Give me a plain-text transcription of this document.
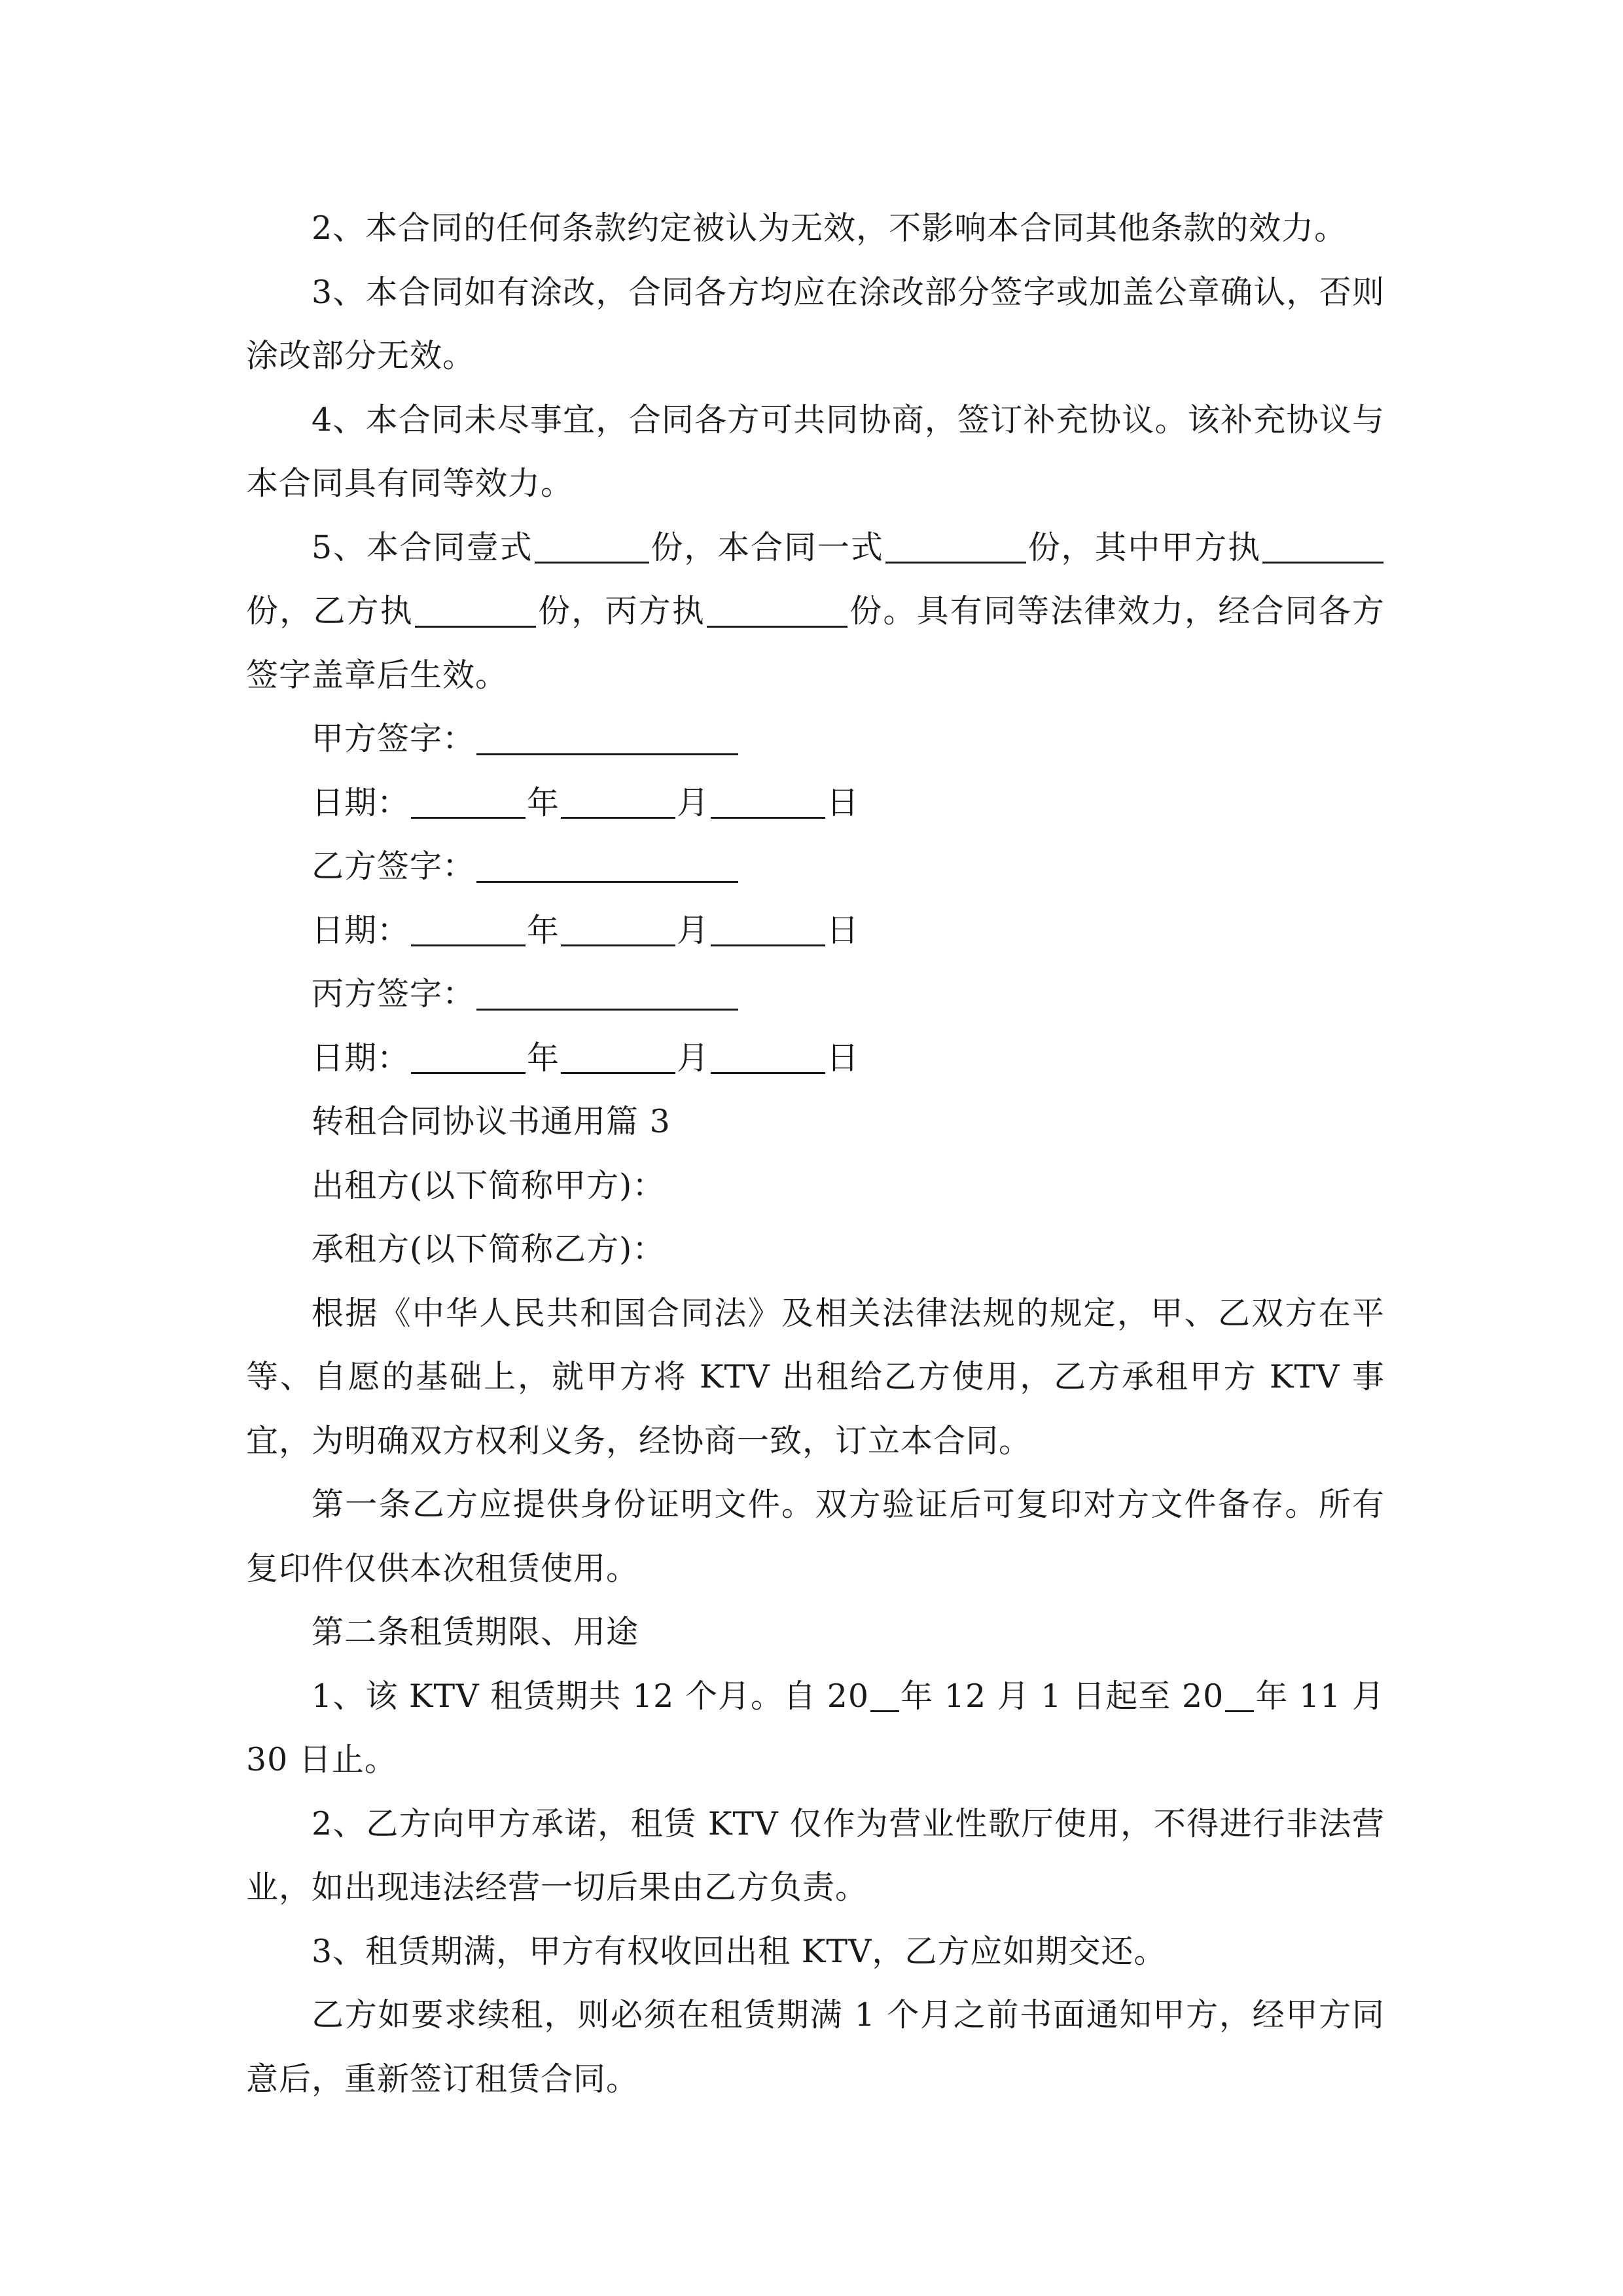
2、本合同的任何条款约定被认为无效，不影响本合同其他条款的效力。

3、本合同如有涂改，合同各方均应在涂改部分签字或加盖公章确认，否则涂改部分无效。

4、本合同未尽事宜，合同各方可共同协商，签订补充协议。该补充协议与本合同具有同等效力。

5、本合同壹式	份，本合同一式	份，其中甲方执份，乙方执	份，丙方执	份。具有同等法律效力，经合同各方签字盖章后生效。

甲方签字：

日期：	年	月	日

乙方签字：

日期：	年	月	日

丙方签字：

日期：	年	月	日

转租合同协议书通用篇 3

出租方(以下简称甲方)：

承租方(以下简称乙方)：

根据《中华人民共和国合同法》及相关法律法规的规定，甲、乙双方在平等、自愿的基础上，就甲方将 KTV 出租给乙方使用，乙方承租甲方 KTV 事宜，为明确双方权利义务，经协商一致，订立本合同。

第一条乙方应提供身份证明文件。双方验证后可复印对方文件备存。所有复印件仅供本次租赁使用。

第二条租赁期限、用途

1、该 KTV 租赁期共 12 个月。自 20 年 12 月 1 日起至 20 年 11 月 30 日止。

2、乙方向甲方承诺，租赁 KTV 仅作为营业性歌厅使用，不得进行非法营业，如出现违法经营一切后果由乙方负责。

3、租赁期满，甲方有权收回出租 KTV，乙方应如期交还。

乙方如要求续租，则必须在租赁期满 1 个月之前书面通知甲方，经甲方同意后，重新签订租赁合同。
